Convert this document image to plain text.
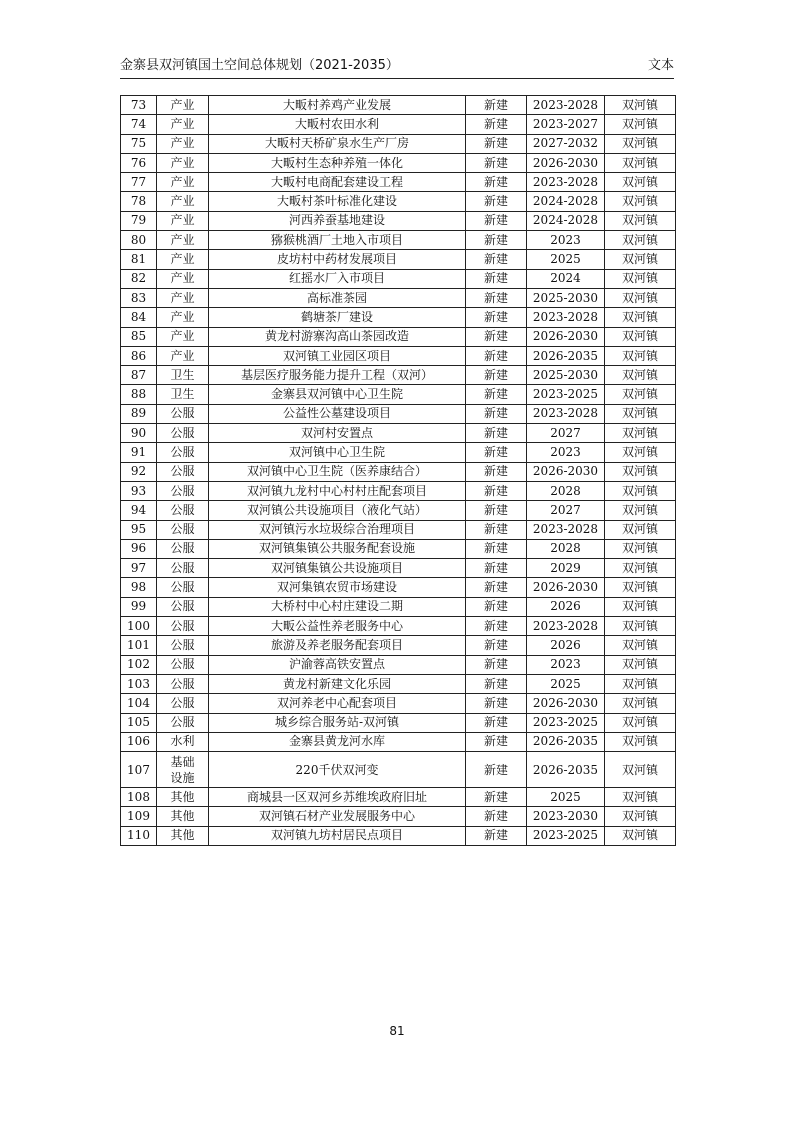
金寨县双河镇国土空间总体规划（2021-2035）	文本
73	产业	大畈村养鸡产业发展	新建	2023-2028	双河镇
74	产业	大畈村农田水利	新建	2023-2027	双河镇
75	产业	大畈村天桥矿泉水生产厂房	新建	2027-2032	双河镇
76	产业	大畈村生态种养殖一体化	新建	2026-2030	双河镇
77	产业	大畈村电商配套建设工程	新建	2023-2028	双河镇
78	产业	大畈村茶叶标准化建设	新建	2024-2028	双河镇
79	产业	河西养蚕基地建设	新建	2024-2028	双河镇
80	产业	猕猴桃酒厂土地入市项目	新建	2023	双河镇
81	产业	皮坊村中药材发展项目	新建	2025	双河镇
82	产业	红摇水厂入市项目	新建	2024	双河镇
83	产业	高标准茶园	新建	2025-2030	双河镇
84	产业	鹤塘茶厂建设	新建	2023-2028	双河镇
85	产业	黄龙村游寨沟高山茶园改造	新建	2026-2030	双河镇
86	产业	双河镇工业园区项目	新建	2026-2035	双河镇
87	卫生	基层医疗服务能力提升工程（双河）	新建	2025-2030	双河镇
88	卫生	金寨县双河镇中心卫生院	新建	2023-2025	双河镇
89	公服	公益性公墓建设项目	新建	2023-2028	双河镇
90	公服	双河村安置点	新建	2027	双河镇
91	公服	双河镇中心卫生院	新建	2023	双河镇
92	公服	双河镇中心卫生院（医养康结合）	新建	2026-2030	双河镇
93	公服	双河镇九龙村中心村村庄配套项目	新建	2028	双河镇
94	公服	双河镇公共设施项目（液化气站）	新建	2027	双河镇
95	公服	双河镇污水垃圾综合治理项目	新建	2023-2028	双河镇
96	公服	双河镇集镇公共服务配套设施	新建	2028	双河镇
97	公服	双河镇集镇公共设施项目	新建	2029	双河镇
98	公服	双河集镇农贸市场建设	新建	2026-2030	双河镇
99	公服	大桥村中心村庄建设二期	新建	2026	双河镇
100	公服	大畈公益性养老服务中心	新建	2023-2028	双河镇
101	公服	旅游及养老服务配套项目	新建	2026	双河镇
102	公服	沪渝蓉高铁安置点	新建	2023	双河镇
103	公服	黄龙村新建文化乐园	新建	2025	双河镇
104	公服	双河养老中心配套项目	新建	2026-2030	双河镇
105	公服	城乡综合服务站-双河镇	新建	2023-2025	双河镇
106	水利	金寨县黄龙河水库	新建	2026-2035	双河镇
107	基础设施	220千伏双河变	新建	2026-2035	双河镇
108	其他	商城县一区双河乡苏维埃政府旧址	新建	2025	双河镇
109	其他	双河镇石材产业发展服务中心	新建	2023-2030	双河镇
110	其他	双河镇九坊村居民点项目	新建	2023-2025	双河镇
81
